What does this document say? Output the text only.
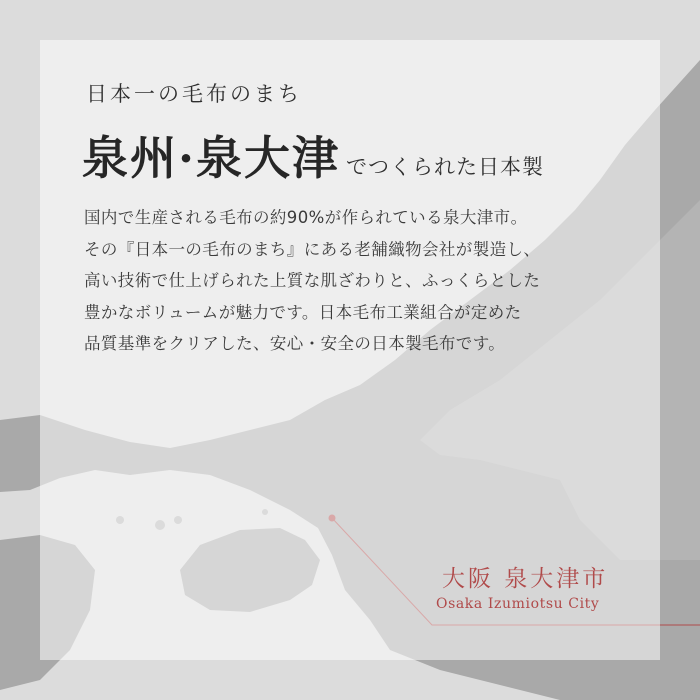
日本一の毛布のまち
泉州·泉大津 でつくられた日本製
国内で生産される毛布の約90%が作られている泉大津市。
その『日本一の毛布のまち』にある老舗織物会社が製造し、
高い技術で仕上げられた上質な肌ざわりと、ふっくらとした
豊かなボリュームが魅力です。日本毛布工業組合が定めた
品質基準をクリアした、安心・安全の日本製毛布です。
大阪 泉大津市
Osaka Izumiotsu City
